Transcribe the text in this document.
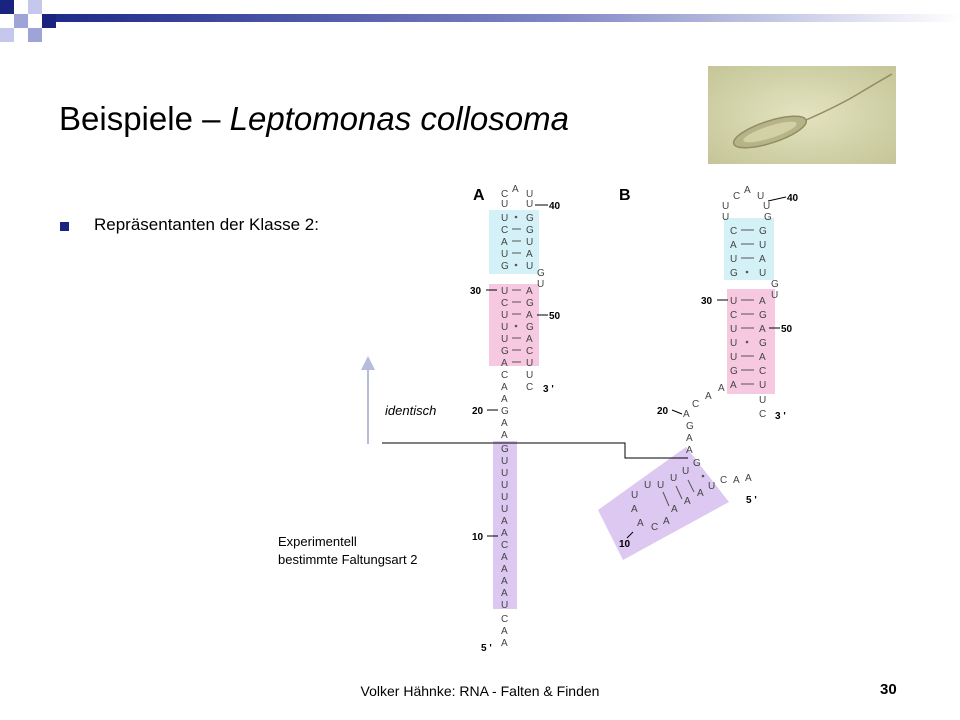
Beispiele – Leptomonas collosoma
Repräsentanten der Klasse 2:
A	B
C A U
U U 40
U
C
A
U
G
G
G
U
A
U
G
U
30 U
C
U
U
U
G
A
A
G
A
G
A
C
U
50
U
C 3 '
C
A
A
G
A
A
G
U
U
U
U
U
A
A
C
A
A
A
A
U
C
A
A
20
10
5 '
C
A
U
U	U
40
U	G
C
A
U
G
G
U
A
U
G
U
30 U
C
U
U
U
G
A
A
G
A
G
A
C
U
50
U
C 3 '
A
A
C
A
G
A
A
20
G
U
U
U
U
U
A
A C
A
A
A
A
U
C A A
10
5 '
identisch
Experimentell
bestimmte Faltungsart 2
Volker Hähnke: RNA - Falten & Finden	30
